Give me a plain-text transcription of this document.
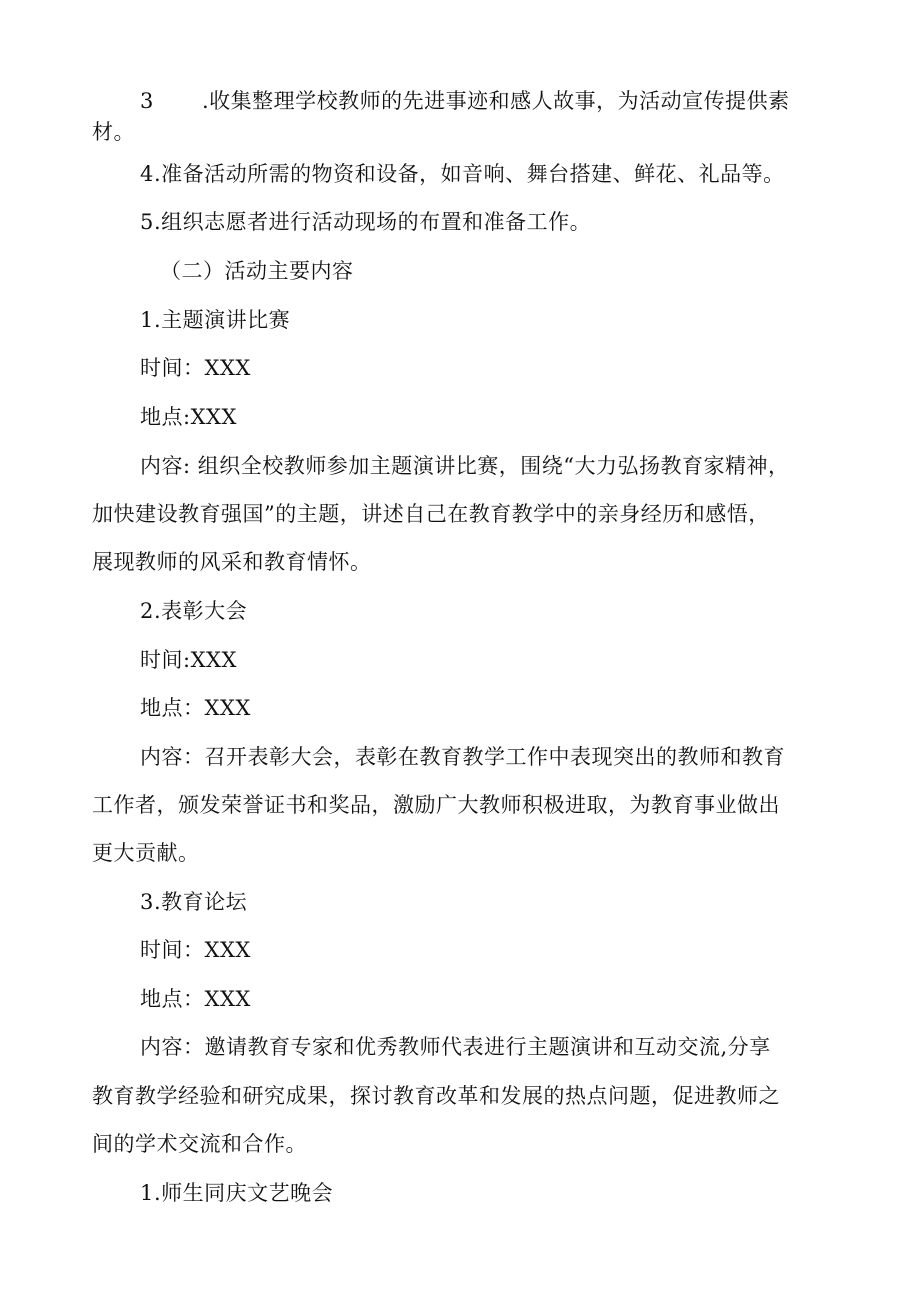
3 .收集整理学校教师的先进事迹和感人故事，为活动宣传提供素
材。
4.准备活动所需的物资和设备，如音响、舞台搭建、鲜花、礼品等。
5.组织志愿者进行活动现场的布置和准备工作。
（二）活动主要内容
1.主题演讲比赛
时间：XXX
地点:XXX
内容: 组织全校教师参加主题演讲比赛，围绕“大力弘扬教育家精神，
加快建设教育强国”的主题，讲述自己在教育教学中的亲身经历和感悟，
展现教师的风采和教育情怀。
2.表彰大会
时间:XXX
地点：XXX
内容：召开表彰大会，表彰在教育教学工作中表现突出的教师和教育
工作者，颁发荣誉证书和奖品，激励广大教师积极进取，为教育事业做出
更大贡献。
3.教育论坛
时间：XXX
地点：XXX
内容：邀请教育专家和优秀教师代表进行主题演讲和互动交流,分享
教育教学经验和研究成果，探讨教育改革和发展的热点问题，促进教师之
间的学术交流和合作。
1.师生同庆文艺晚会
